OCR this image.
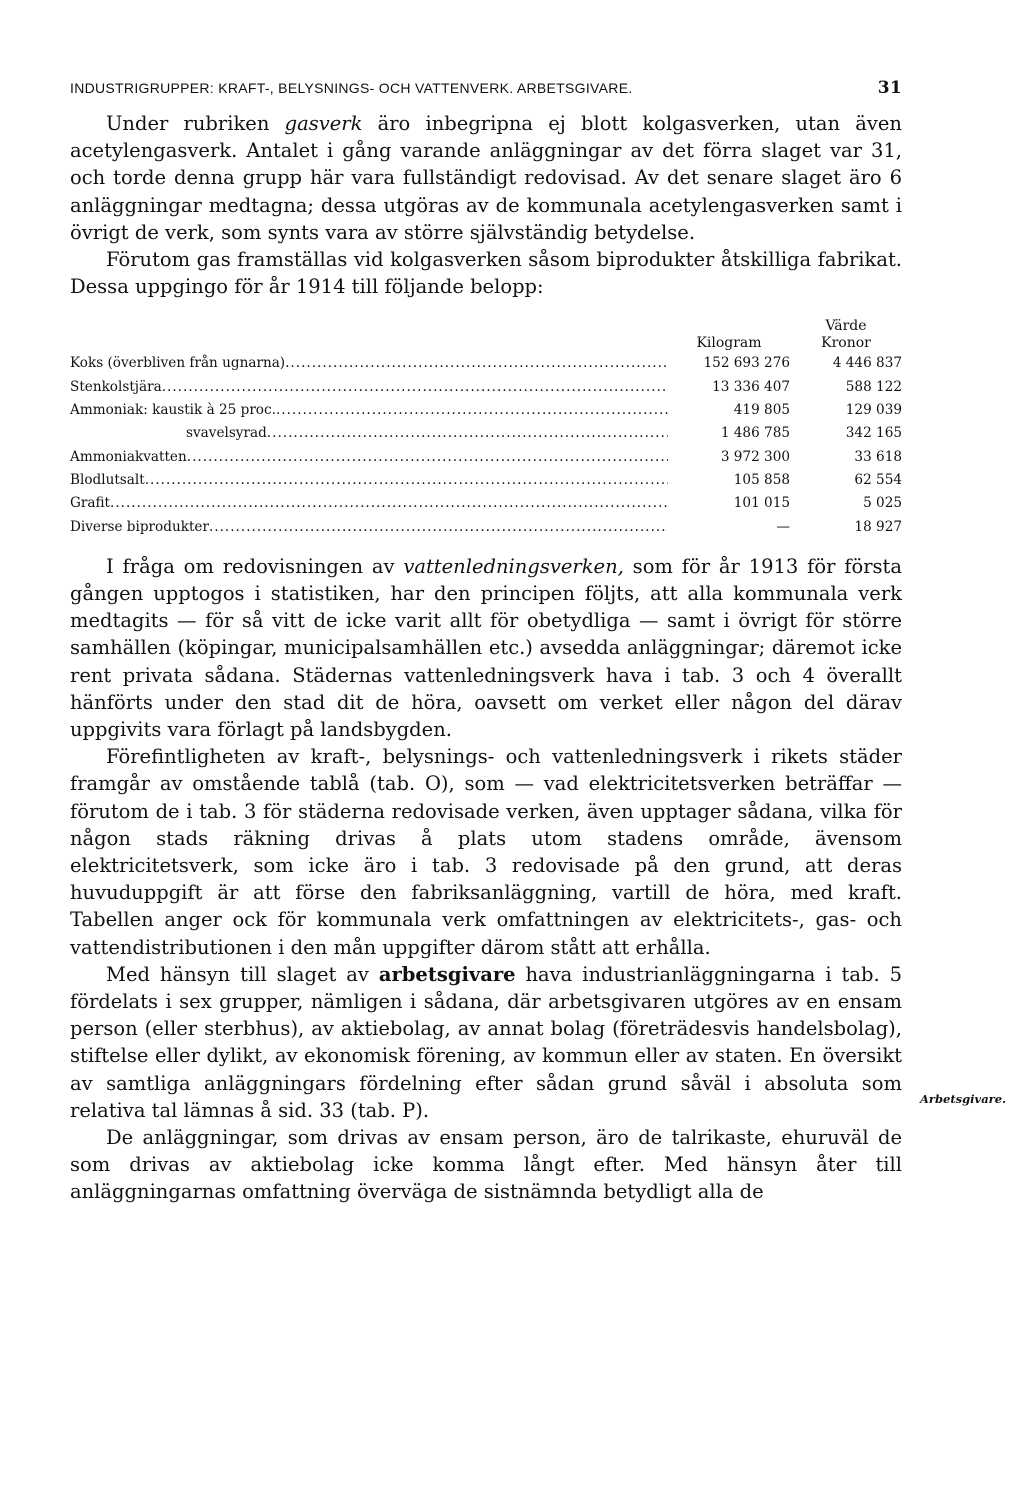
INDUSTRIGRUPPER: KRAFT-, BELYSNINGS- OCH VATTENVERK. ARBETSGIVARE.	31

Under rubriken gasverk äro inbegripna ej blott kolgasverken, utan även acetylengasverk. Antalet i gång varande anläggningar av det förra slaget var 31, och torde denna grupp här vara fullständigt redovisad. Av det senare slaget äro 6 anläggningar medtagna; dessa utgöras av de kommunala acetylengasverken samt i övrigt de verk, som synts vara av större självständig betydelse.

Förutom gas framställas vid kolgasverken såsom biprodukter åtskilliga fabrikat. Dessa uppgingo för år 1914 till följande belopp:

Kilogram
Värde
Kronor
Koks (överbliven från ugnarna) .....	152 693 276	4 446 837
Stenkolstjära .....	13 336 407	588 122
Ammoniak: kaustik à 25 proc. .....	419 805	129 039
svavelsyrad .....	1 486 785	342 165
Ammoniakvatten .....	3 972 300	33 618
Blodlutsalt .....	105 858	62 554
Grafit .....	101 015	5 025
Diverse biprodukter .....	—	18 927

I fråga om redovisningen av vattenledningsverken, som för år 1913 för första gången upptogos i statistiken, har den principen följts, att alla kommunala verk medtagits — för så vitt de icke varit allt för obetydliga — samt i övrigt för större samhällen (köpingar, municipalsamhällen etc.) avsedda anläggningar; däremot icke rent privata sådana. Städernas vattenledningsverk hava i tab. 3 och 4 överallt hänförts under den stad dit de höra, oavsett om verket eller någon del därav uppgivits vara förlagt på landsbygden.

Förefintligheten av kraft-, belysnings- och vattenledningsverk i rikets städer framgår av omstående tablå (tab. O), som — vad elektricitetsverken beträffar — förutom de i tab. 3 för städerna redovisade verken, även upptager sådana, vilka för någon stads räkning drivas å plats utom stadens område, ävensom elektricitetsverk, som icke äro i tab. 3 redovisade på den grund, att deras huvuduppgift är att förse den fabriksanläggning, vartill de höra, med kraft. Tabellen anger ock för kommunala verk omfattningen av elektricitets-, gas- och vattendistributionen i den mån uppgifter därom stått att erhålla.

Med hänsyn till slaget av arbetsgivare hava industrianläggningarna i tab. 5 fördelats i sex grupper, nämligen i sådana, där arbetsgivaren utgöres av en ensam person (eller sterbhus), av aktiebolag, av annat bolag (företrädesvis handelsbolag), stiftelse eller dylikt, av ekonomisk förening, av kommun eller av staten. En översikt av samtliga anläggningars fördelning efter sådan grund såväl i absoluta som relativa tal lämnas å sid. 33 (tab. P).

De anläggningar, som drivas av ensam person, äro de talrikaste, ehuruväl de som drivas av aktiebolag icke komma långt efter. Med hänsyn åter till anläggningarnas omfattning överväga de sistnämnda betydligt alla de

Arbetsgivare.
